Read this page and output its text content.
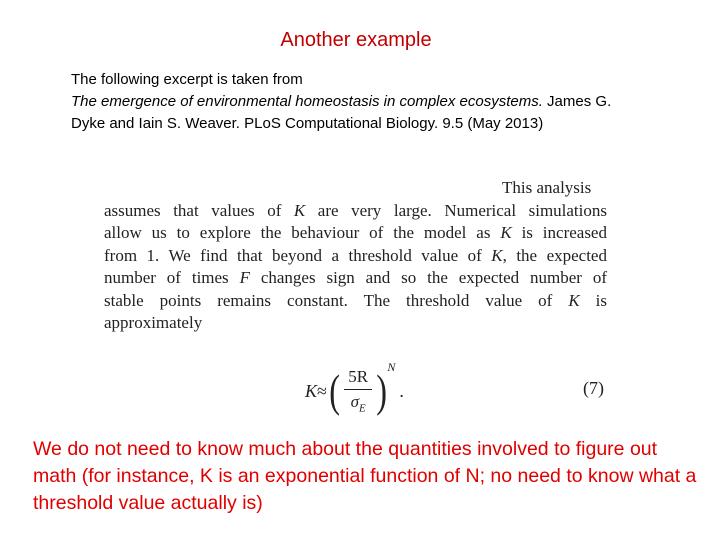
Another example
The following excerpt is taken from
The emergence of environmental homeostasis in complex ecosystems. James G.
Dyke and Iain S. Weaver. PLoS Computational Biology. 9.5 (May 2013)
This analysis
assumes that values of K are very large. Numerical simulations
allow us to explore the behaviour of the model as K is increased
from 1. We find that beyond a threshold value of K, the expected
number of times F changes sign and so the expected number of
stable points remains constant. The threshold value of K is
approximately
K ≈ ( $\frac{5R}{\sigma_E}$ ) N
.	(7)
We do not need to know much about the quantities involved to figure out math (for instance, K is an exponential function of N; no need to know what a threshold value actually is)
